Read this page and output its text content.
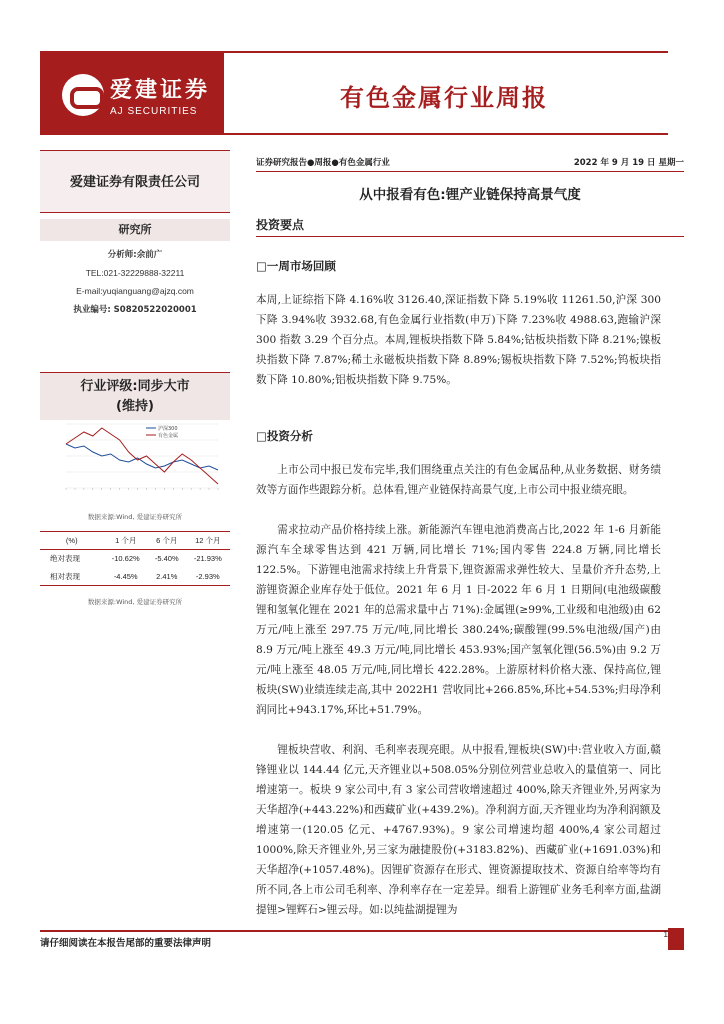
爱建证券
AJ SECURITIES	有色金属行业周报
爱建证券有限责任公司
研究所
分析师:余前广
TEL:021-32229888-32211
E-mail:yuqianguang@ajzq.com
执业编号: S0820522020001
行业评级:同步大市
(维持)
沪深300
有色金属
数据来源:Wind, 爱建证券研究所
(%)	1 个月	6 个月	12 个月
绝对表现	-10.62%	-5.40%	-21.93%
相对表现	-4.45%	2.41%	-2.93%
数据来源:Wind, 爱建证券研究所
证券研究报告●周报●有色金属行业	2022 年 9 月 19 日 星期一
从中报看有色:锂产业链保持高景气度
投资要点
□一周市场回顾
本周,上证综指下降 4.16%收 3126.40,深证指数下降 5.19%收 11261.50,沪深 300 下降 3.94%收 3932.68,有色金属行业指数(申万)下降 7.23%收 4988.63,跑输沪深 300 指数 3.29 个百分点。本周,锂板块指数下降 5.84%;钴板块指数下降 8.21%;镍板块指数下降 7.87%;稀土永磁板块指数下降 8.89%;锡板块指数下降 7.52%;钨板块指数下降 10.80%;铝板块指数下降 9.75%。
□投资分析
上市公司中报已发布完毕,我们围绕重点关注的有色金属品种,从业务数据、财务绩效等方面作些跟踪分析。总体看,锂产业链保持高景气度,上市公司中报业绩亮眼。
需求拉动产品价格持续上涨。新能源汽车锂电池消费高占比,2022 年 1-6 月新能源汽车全球零售达到 421 万辆,同比增长 71%;国内零售 224.8 万辆,同比增长 122.5%。下游锂电池需求持续上升背景下,锂资源需求弹性较大、呈量价齐升态势,上游锂资源企业库存处于低位。2021 年 6 月 1 日-2022 年 6 月 1 日期间(电池级碳酸锂和氢氧化锂在 2021 年的总需求量中占 71%):金属锂(≥99%,工业级和电池级)由 62 万元/吨上涨至 297.75 万元/吨,同比增长 380.24%;碳酸锂(99.5%电池级/国产)由 8.9 万元/吨上涨至 49.3 万元/吨,同比增长 453.93%;国产氢氧化锂(56.5%)由 9.2 万元/吨上涨至 48.05 万元/吨,同比增长 422.28%。上游原材料价格大涨、保持高位,锂板块(SW)业绩连续走高,其中 2022H1 营收同比+266.85%,环比+54.53%;归母净利润同比+943.17%,环比+51.79%。
锂板块营收、利润、毛利率表现亮眼。从中报看,锂板块(SW)中:营业收入方面,赣锋锂业以 144.44 亿元,天齐锂业以+508.05%分别位列营业总收入的量值第一、同比增速第一。板块 9 家公司中,有 3 家公司营收增速超过 400%,除天齐锂业外,另两家为天华超净(+443.22%)和西藏矿业(+439.2%)。净利润方面,天齐锂业均为净利润额及增速第一(120.05 亿元、+4767.93%)。9 家公司增速均超 400%,4 家公司超过 1000%,除天齐锂业外,另三家为融捷股份(+3183.82%)、西藏矿业(+1691.03%)和天华超净(+1057.48%)。因锂矿资源存在形式、锂资源提取技术、资源自给率等均有所不同,各上市公司毛利率、净利率存在一定差异。细看上游锂矿业务毛利率方面,盐湖提锂>锂辉石>锂云母。如:以纯盐湖提锂为
请仔细阅读在本报告尾部的重要法律声明
1
